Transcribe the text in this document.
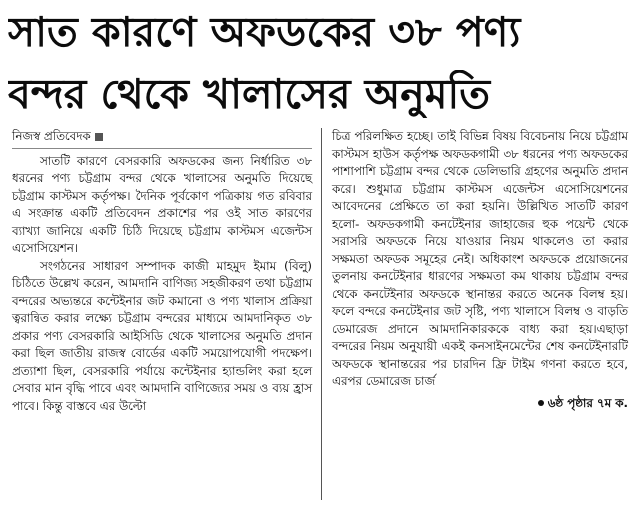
সাত কারণে অফডকের ৩৮ পণ্য
বন্দর থেকে খালাসের অনুমতি
নিজস্ব প্রতিবেদক

সাতটি কারণে বেসরকারি অফডকের জন্য নির্ধারিত ৩৮ ধরনের পণ্য চট্টগ্রাম বন্দর থেকে খালাসের অনুমতি দিয়েছে চট্টগ্রাম কাস্টমস কর্তৃপক্ষ। দৈনিক পূর্বকোণ পত্রিকায় গত রবিবার এ সংক্রান্ত একটি প্রতিবেদন প্রকাশের পর ওই সাত কারণের ব্যাখ্যা জানিয়ে একটি চিঠি দিয়েছে চট্টগ্রাম কাস্টমস এজেন্টস এসোসিয়েশন।

সংগঠনের সাধারণ সম্পাদক কাজী মাহমুদ ইমাম (বিলু) চিঠিতে উল্লেখ করেন, আমদানি বাণিজ্য সহজীকরণ তথা চট্টগ্রাম বন্দরের অভ্যন্তরে কন্টেইনার জট কমানো ও পণ্য খালাস প্রক্রিয়া ত্বরান্বিত করার লক্ষ্যে চট্টগ্রাম বন্দরের মাধ্যমে আমদানিকৃত ৩৮ প্রকার পণ্য বেসরকারি আইসিডি থেকে খালাসের অনুমতি প্রদান করা ছিল জাতীয় রাজস্ব বোর্ডের একটি সময়োপযোগী পদক্ষেপ। প্রত্যাশা ছিল, বেসরকারি পর্যায়ে কন্টেইনার হ্যান্ডলিং করা হলে সেবার মান বৃদ্ধি পাবে এবং আমদানি বাণিজ্যের সময় ও ব্যয় হ্রাস পাবে। কিন্তু বাস্তবে এর উল্টো

চিত্র পরিলক্ষিত হচ্ছে। তাই বিভিন্ন বিষয় বিবেচনায় নিয়ে চট্টগ্রাম কাস্টমস হাউস কর্তৃপক্ষ অফডকগামী ৩৮ ধরনের পণ্য অফডকের পাশাপাশি চট্টগ্রাম বন্দর থেকে ডেলিভারি গ্রহণের অনুমতি প্রদান করে। শুধুমাত্র চট্টগ্রাম কাস্টমস এজেন্টস এসোসিয়েশনের আবেদনের প্রেক্ষিতে তা করা হয়নি। উল্লিখিত সাতটি কারণ হলো- অফডকগামী কনটেইনার জাহাজের হুক পয়েন্ট থেকে সরাসরি অফডকে নিয়ে যাওয়ার নিয়ম থাকলেও তা করার সক্ষমতা অফডক সমূহের নেই। অধিকাংশ অফডকে প্রয়োজনের তুলনায় কনটেইনার ধারণের সক্ষমতা কম থাকায় চট্টগ্রাম বন্দর থেকে কনটেইনার অফডকে স্থানান্তর করতে অনেক বিলম্ব হয়। ফলে বন্দরে কনটেইনার জট সৃষ্টি, পণ্য খালাসে বিলম্ব ও বাড়তি ডেমারেজ প্রদানে আমদানিকারককে বাধ্য করা হয়।এছাড়া বন্দরের নিয়ম অনুযায়ী একই কনসাইনমেন্টের শেষ কনটেইনারটি অফডকে স্থানান্তরের পর চারদিন ফ্রি টাইম গণনা করতে হবে, এরপর ডেমারেজ চার্জ

৬ষ্ঠ পৃষ্ঠার ৭ম ক.
